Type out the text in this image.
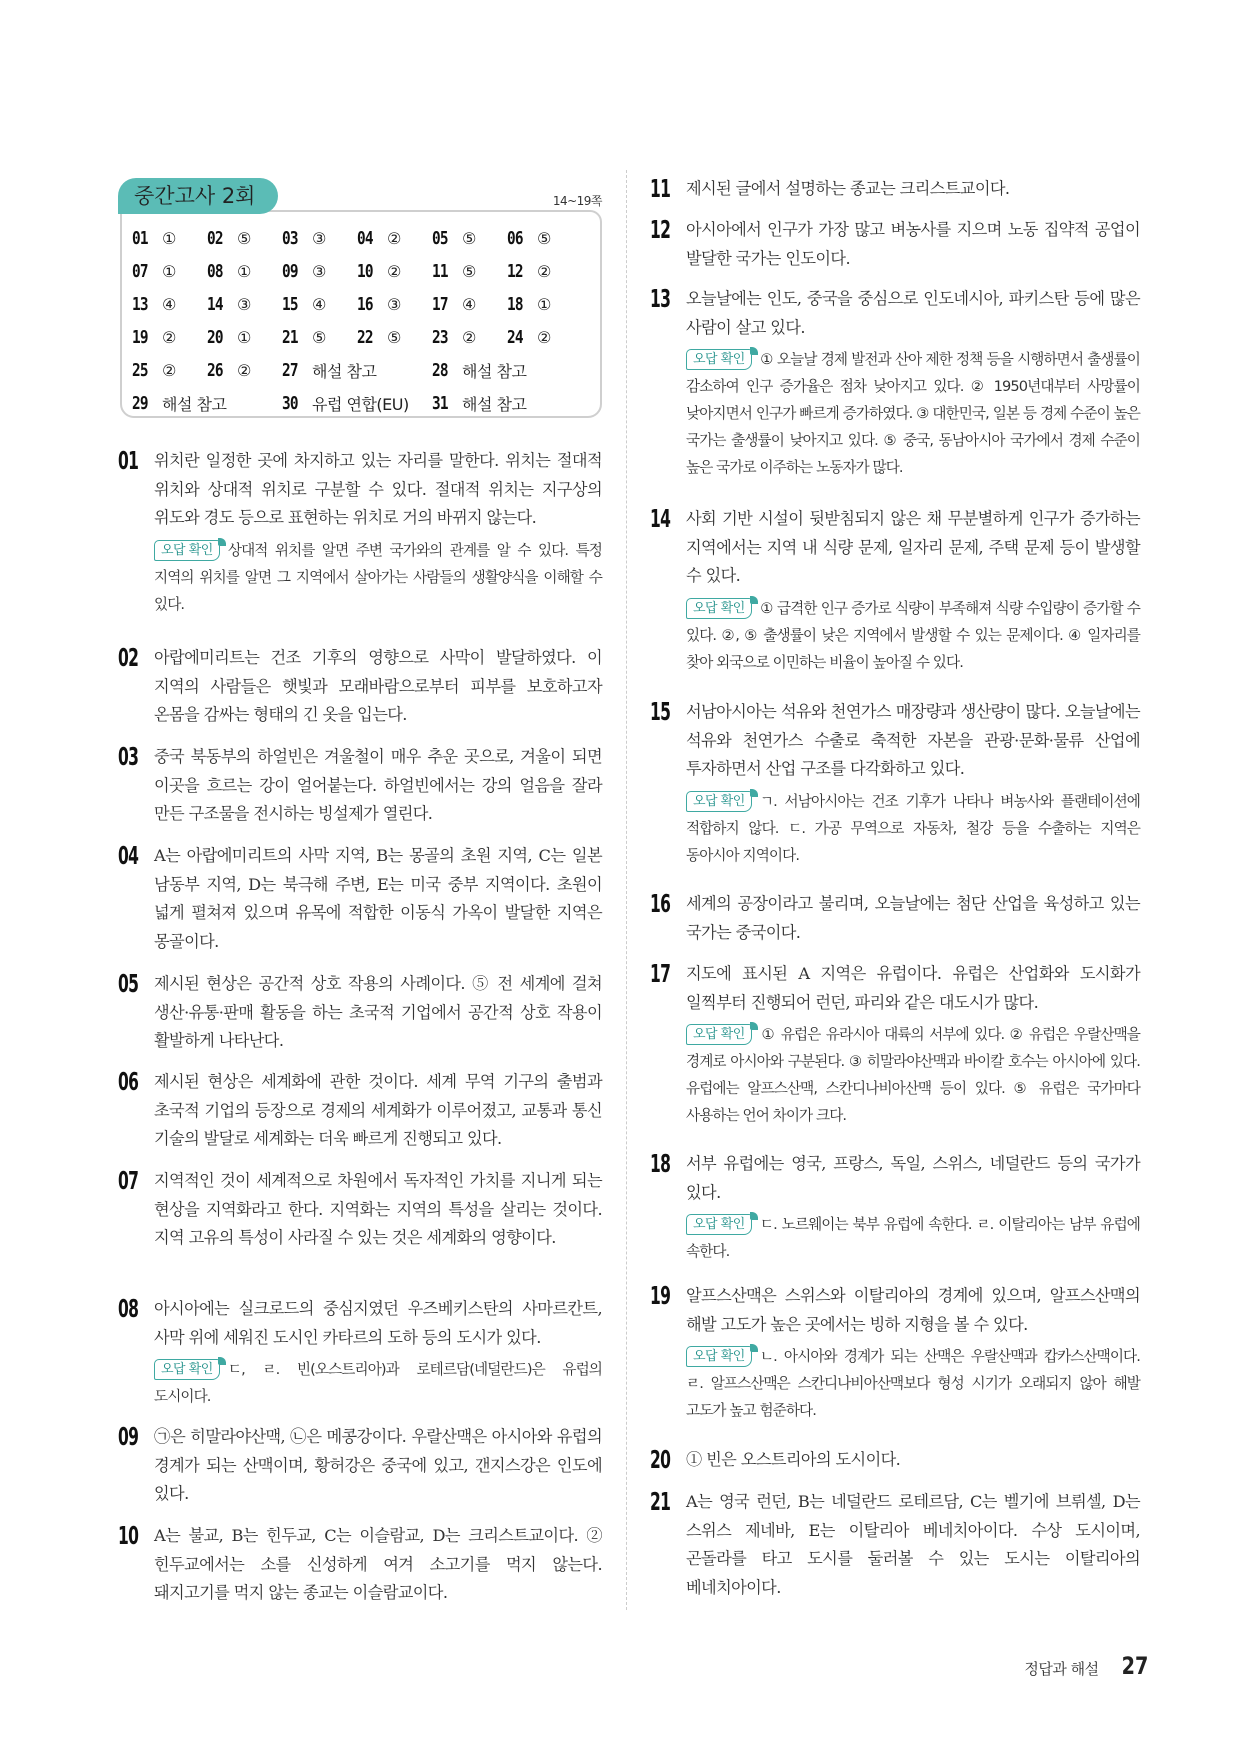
중간고사 2회	14~19쪽
01 ① 02 ⑤ 03 ③ 04 ② 05 ⑤ 06 ⑤
07 ① 08 ① 09 ③ 10 ② 11 ⑤ 12 ②
13 ④ 14 ③ 15 ④ 16 ③ 17 ④ 18 ①
19 ② 20 ① 21 ⑤ 22 ⑤ 23 ② 24 ②
25 ② 26 ② 27 해설 참고	28 해설 참고
29 해설 참고	30 유럽 연합(EU) 31 해설 참고
01 위치란 일정한 곳에 차지하고 있는 자리를 말한다. 위치는 절대적 위치와 상대적 위치로 구분할 수 있다. 절대적 위치는 지구상의 위도와 경도 등으로 표현하는 위치로 거의 바뀌지 않는다.
오답 확인 상대적 위치를 알면 주변 국가와의 관계를 알 수 있다. 특정 지역의 위치를 알면 그 지역에서 살아가는 사람들의 생활양식을 이해할 수 있다.
02 아랍에미리트는 건조 기후의 영향으로 사막이 발달하였다. 이 지역의 사람들은 햇빛과 모래바람으로부터 피부를 보호하고자 온몸을 감싸는 형태의 긴 옷을 입는다.
03 중국 북동부의 하얼빈은 겨울철이 매우 추운 곳으로, 겨울이 되면 이곳을 흐르는 강이 얼어붙는다. 하얼빈에서는 강의 얼음을 잘라 만든 구조물을 전시하는 빙설제가 열린다.
04 A는 아랍에미리트의 사막 지역, B는 몽골의 초원 지역, C는 일본 남동부 지역, D는 북극해 주변, E는 미국 중부 지역이다. 초원이 넓게 펼쳐져 있으며 유목에 적합한 이동식 가옥이 발달한 지역은 몽골이다.
05 제시된 현상은 공간적 상호 작용의 사례이다. ⑤ 전 세계에 걸쳐 생산·유통·판매 활동을 하는 초국적 기업에서 공간적 상호 작용이 활발하게 나타난다.
06 제시된 현상은 세계화에 관한 것이다. 세계 무역 기구의 출범과 초국적 기업의 등장으로 경제의 세계화가 이루어졌고, 교통과 통신 기술의 발달로 세계화는 더욱 빠르게 진행되고 있다.
07 지역적인 것이 세계적으로 차원에서 독자적인 가치를 지니게 되는 현상을 지역화라고 한다. 지역화는 지역의 특성을 살리는 것이다. 지역 고유의 특성이 사라질 수 있는 것은 세계화의 영향이다.
08 아시아에는 실크로드의 중심지였던 우즈베키스탄의 사마르칸트, 사막 위에 세워진 도시인 카타르의 도하 등의 도시가 있다.
오답 확인 ㄷ, ㄹ. 빈(오스트리아)과 로테르담(네덜란드)은 유럽의 도시이다.
09 ㉠은 히말라야산맥, ㉡은 메콩강이다. 우랄산맥은 아시아와 유럽의 경계가 되는 산맥이며, 황허강은 중국에 있고, 갠지스강은 인도에 있다.
10 A는 불교, B는 힌두교, C는 이슬람교, D는 크리스트교이다. ② 힌두교에서는 소를 신성하게 여겨 소고기를 먹지 않는다. 돼지고기를 먹지 않는 종교는 이슬람교이다.
11 제시된 글에서 설명하는 종교는 크리스트교이다.
12 아시아에서 인구가 가장 많고 벼농사를 지으며 노동 집약적 공업이 발달한 국가는 인도이다.
13 오늘날에는 인도, 중국을 중심으로 인도네시아, 파키스탄 등에 많은 사람이 살고 있다.
오답 확인 ① 오늘날 경제 발전과 산아 제한 정책 등을 시행하면서 출생률이 감소하여 인구 증가율은 점차 낮아지고 있다. ② 1950년대부터 사망률이 낮아지면서 인구가 빠르게 증가하였다. ③ 대한민국, 일본 등 경제 수준이 높은 국가는 출생률이 낮아지고 있다. ⑤ 중국, 동남아시아 국가에서 경제 수준이 높은 국가로 이주하는 노동자가 많다.
14 사회 기반 시설이 뒷받침되지 않은 채 무분별하게 인구가 증가하는 지역에서는 지역 내 식량 문제, 일자리 문제, 주택 문제 등이 발생할 수 있다.
오답 확인 ① 급격한 인구 증가로 식량이 부족해져 식량 수입량이 증가할 수 있다. ②, ⑤ 출생률이 낮은 지역에서 발생할 수 있는 문제이다. ④ 일자리를 찾아 외국으로 이민하는 비율이 높아질 수 있다.
15 서남아시아는 석유와 천연가스 매장량과 생산량이 많다. 오늘날에는 석유와 천연가스 수출로 축적한 자본을 관광·문화·물류 산업에 투자하면서 산업 구조를 다각화하고 있다.
오답 확인 ㄱ. 서남아시아는 건조 기후가 나타나 벼농사와 플랜테이션에 적합하지 않다. ㄷ. 가공 무역으로 자동차, 철강 등을 수출하는 지역은 동아시아 지역이다.
16 세계의 공장이라고 불리며, 오늘날에는 첨단 산업을 육성하고 있는 국가는 중국이다.
17 지도에 표시된 A 지역은 유럽이다. 유럽은 산업화와 도시화가 일찍부터 진행되어 런던, 파리와 같은 대도시가 많다.
오답 확인 ① 유럽은 유라시아 대륙의 서부에 있다. ② 유럽은 우랄산맥을 경계로 아시아와 구분된다. ③ 히말라야산맥과 바이칼 호수는 아시아에 있다. 유럽에는 알프스산맥, 스칸디나비아산맥 등이 있다. ⑤ 유럽은 국가마다 사용하는 언어 차이가 크다.
18 서부 유럽에는 영국, 프랑스, 독일, 스위스, 네덜란드 등의 국가가 있다.
오답 확인 ㄷ. 노르웨이는 북부 유럽에 속한다. ㄹ. 이탈리아는 남부 유럽에 속한다.
19 알프스산맥은 스위스와 이탈리아의 경계에 있으며, 알프스산맥의 해발 고도가 높은 곳에서는 빙하 지형을 볼 수 있다.
오답 확인 ㄴ. 아시아와 경계가 되는 산맥은 우랄산맥과 캅카스산맥이다. ㄹ. 알프스산맥은 스칸디나비아산맥보다 형성 시기가 오래되지 않아 해발 고도가 높고 험준하다.
20 ① 빈은 오스트리아의 도시이다.
21 A는 영국 런던, B는 네덜란드 로테르담, C는 벨기에 브뤼셀, D는 스위스 제네바, E는 이탈리아 베네치아이다. 수상 도시이며, 곤돌라를 타고 도시를 둘러볼 수 있는 도시는 이탈리아의 베네치아이다.
정답과 해설 27
